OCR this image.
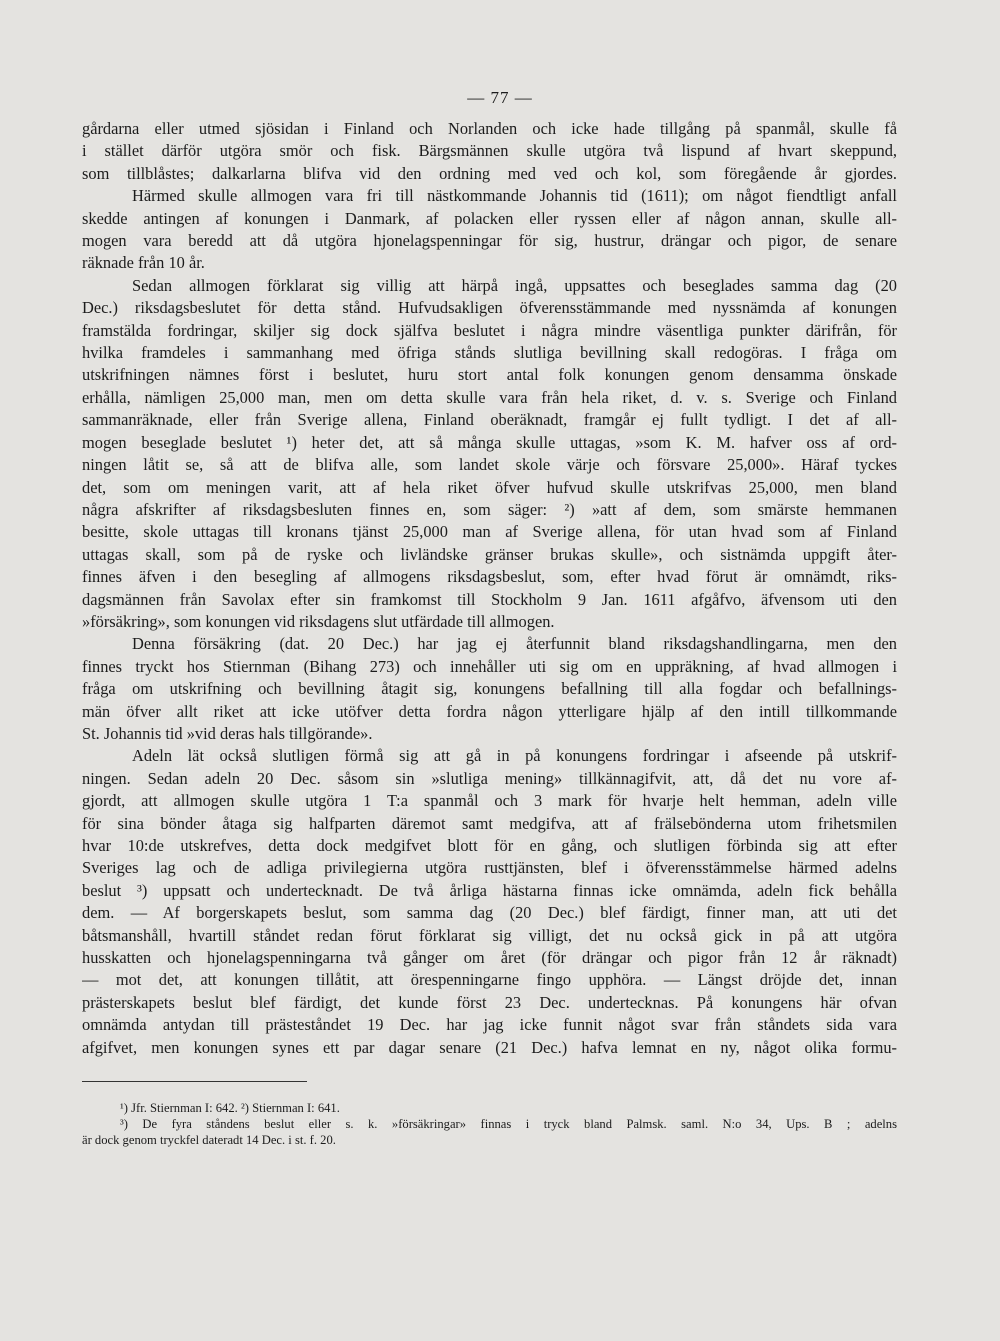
— 77 —
gårdarna eller utmed sjösidan i Finland och Norlanden och icke hade tillgång på spanmål, skulle få
i stället därför utgöra smör och fisk. Bärgsmännen skulle utgöra två lispund af hvart skeppund,
som tillblåstes; dalkarlarna blifva vid den ordning med ved och kol, som föregående år gjordes.
Härmed skulle allmogen vara fri till nästkommande Johannis tid (1611); om något fiendtligt anfall
skedde antingen af konungen i Danmark, af polacken eller ryssen eller af någon annan, skulle all-
mogen vara beredd att då utgöra hjonelagspenningar för sig, hustrur, drängar och pigor, de senare
räknade från 10 år.
Sedan allmogen förklarat sig villig att härpå ingå, uppsattes och beseglades samma dag (20
Dec.) riksdagsbeslutet för detta stånd. Hufvudsakligen öfverensstämmande med nyssnämda af konungen
framstälda fordringar, skiljer sig dock själfva beslutet i några mindre väsentliga punkter därifrån, för
hvilka framdeles i sammanhang med öfriga stånds slutliga bevillning skall redogöras. I fråga om
utskrifningen nämnes först i beslutet, huru stort antal folk konungen genom densamma önskade
erhålla, nämligen 25,000 man, men om detta skulle vara från hela riket, d. v. s. Sverige och Finland
sammanräknade, eller från Sverige allena, Finland oberäknadt, framgår ej fullt tydligt. I det af all-
mogen beseglade beslutet ¹) heter det, att så många skulle uttagas, »som K. M. hafver oss af ord-
ningen låtit se, så att de blifva alle, som landet skole värje och försvare 25,000». Häraf tyckes
det, som om meningen varit, att af hela riket öfver hufvud skulle utskrifvas 25,000, men bland
några afskrifter af riksdagsbesluten finnes en, som säger: ²) »att af dem, som smärste hemmanen
besitte, skole uttagas till kronans tjänst 25,000 man af Sverige allena, för utan hvad som af Finland
uttagas skall, som på de ryske och livländske gränser brukas skulle», och sistnämda uppgift åter-
finnes äfven i den besegling af allmogens riksdagsbeslut, som, efter hvad förut är omnämdt, riks-
dagsmännen från Savolax efter sin framkomst till Stockholm 9 Jan. 1611 afgåfvo, äfvensom uti den
»försäkring», som konungen vid riksdagens slut utfärdade till allmogen.
Denna försäkring (dat. 20 Dec.) har jag ej återfunnit bland riksdagshandlingarna, men den
finnes tryckt hos Stiernman (Bihang 273) och innehåller uti sig om en uppräkning, af hvad allmogen i
fråga om utskrifning och bevillning åtagit sig, konungens befallning till alla fogdar och befallnings-
män öfver allt riket att icke utöfver detta fordra någon ytterligare hjälp af den intill tillkommande
St. Johannis tid »vid deras hals tillgörande».
Adeln lät också slutligen förmå sig att gå in på konungens fordringar i afseende på utskrif-
ningen. Sedan adeln 20 Dec. såsom sin »slutliga mening» tillkännagifvit, att, då det nu vore af-
gjordt, att allmogen skulle utgöra 1 T:a spanmål och 3 mark för hvarje helt hemman, adeln ville
för sina bönder åtaga sig halfparten däremot samt medgifva, att af frälsebönderna utom frihetsmilen
hvar 10:de utskrefves, detta dock medgifvet blott för en gång, och slutligen förbinda sig att efter
Sveriges lag och de adliga privilegierna utgöra rusttjänsten, blef i öfverensstämmelse härmed adelns
beslut ³) uppsatt och undertecknadt. De två årliga hästarna finnas icke omnämda, adeln fick behålla
dem. — Af borgerskapets beslut, som samma dag (20 Dec.) blef färdigt, finner man, att uti det
båtsmanshåll, hvartill ståndet redan förut förklarat sig villigt, det nu också gick in på att utgöra
husskatten och hjonelagspenningarna två gånger om året (för drängar och pigor från 12 år räknadt)
— mot det, att konungen tillåtit, att örespenningarne fingo upphöra. — Längst dröjde det, innan
prästerskapets beslut blef färdigt, det kunde först 23 Dec. undertecknas. På konungens här ofvan
omnämda antydan till prästeståndet 19 Dec. har jag icke funnit något svar från ståndets sida vara
afgifvet, men konungen synes ett par dagar senare (21 Dec.) hafva lemnat en ny, något olika formu-
¹) Jfr. Stiernman I: 642. ²) Stiernman I: 641.
³) De fyra ståndens beslut eller s. k. »försäkringar» finnas i tryck bland Palmsk. saml. N:o 34, Ups. B ; adelns
är dock genom tryckfel dateradt 14 Dec. i st. f. 20.
